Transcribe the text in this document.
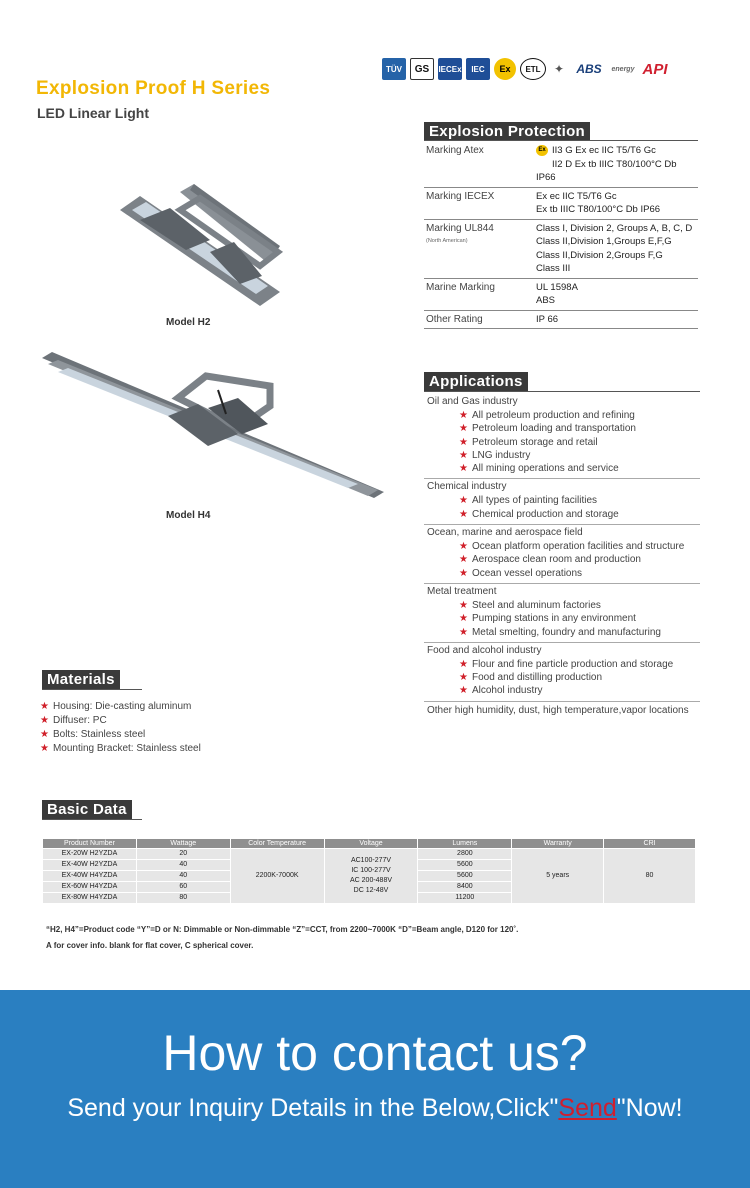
Explosion Proof H Series
LED Linear Light
TÜV	GS	IECEx	IEC	Ex	ETL	✦	ABS	energy API
Model H2
Model H4
Explosion Protection
Marking Atex	Ex II3 G Ex ec IIC T5/T6 Gc
II2 D Ex tb IIIC T80/100°C Db IP66
Marking IECEX	Ex ec IIC T5/T6 Gc
Ex tb IIIC T80/100°C Db IP66
Marking UL844
(North American)	Class I, Division 2, Groups A, B, C, D
Class II,Division 1,Groups E,F,G
Class II,Division 2,Groups F,G
Class III
Marine Marking	UL 1598A
ABS
Other Rating	IP 66
Applications
Oil and Gas industry
★ All petroleum production and refining
★ Petroleum loading and transportation
★ Petroleum storage and retail
★ LNG industry
★ All mining operations and service
Chemical industry
★ All types of painting facilities
★ Chemical production and storage
Ocean, marine and aerospace field
★ Ocean platform operation facilities and structure
★ Aerospace clean room and production
★ Ocean vessel operations
Metal treatment
★ Steel and aluminum factories
★ Pumping stations in any environment
★ Metal smelting, foundry and manufacturing
Food and alcohol industry
★ Flour and fine particle production and storage
★ Food and distilling production
★ Alcohol industry
Other high humidity, dust, high temperature,vapor locations
Materials
★ Housing: Die-casting aluminum
★ Diffuser: PC
★ Bolts: Stainless steel
★ Mounting Bracket: Stainless steel
Basic Data
Product Number	Wattage	Color Temperature	Voltage	Lumens	Warranty	CRI
EX-20W H2YZDA	20	2200K-7000K	AC100-277V
IC 100-277V
AC 200-488V
DC 12-48V	2800	5 years	80
EX-40W H2YZDA	40			5600		
EX-40W H4YZDA	40			5600		
EX-60W H4YZDA	60			8400		
EX-80W H4YZDA	80			11200		
“H2, H4”=Product code “Y”=D or N: Dimmable or Non-dimmable “Z”=CCT, from 2200~7000K “D”=Beam angle, D120 for 120˚.
A for cover info. blank for flat cover, C spherical cover.
How to contact us?
Send your Inquiry Details in the Below,Click"Send"Now!
